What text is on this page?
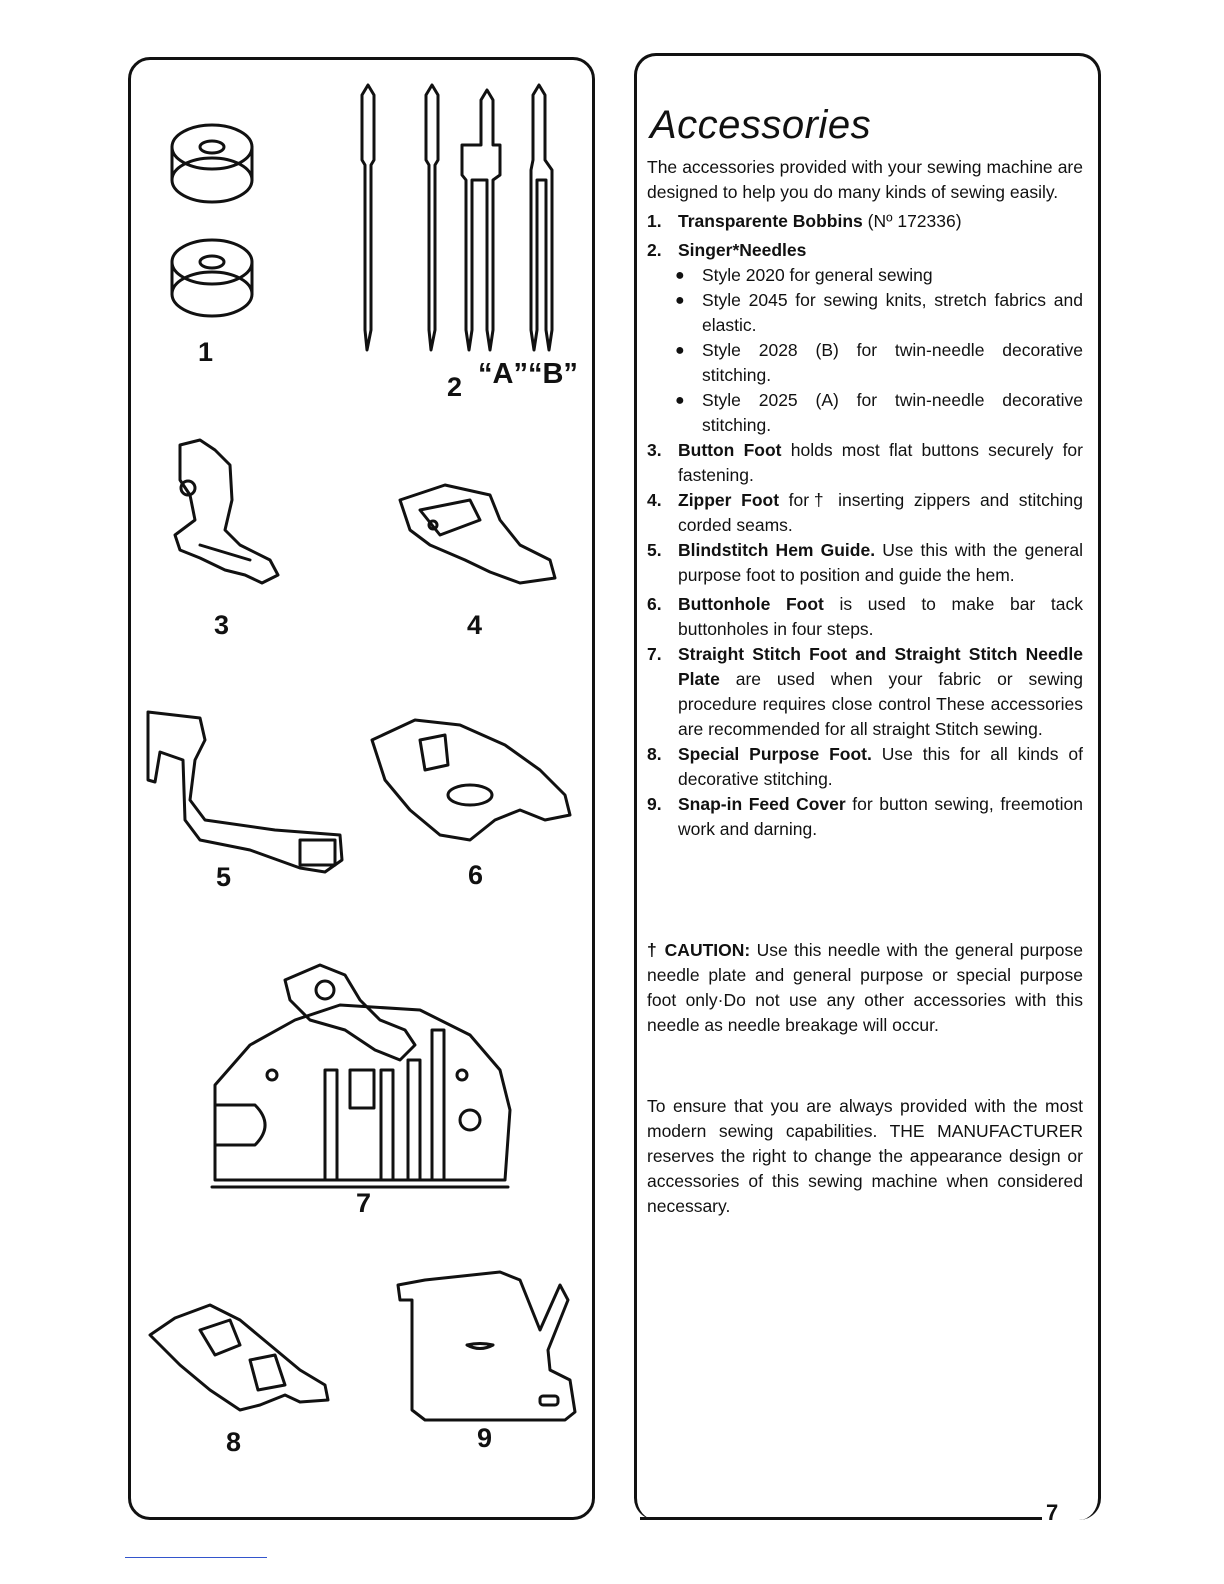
1
2 “A”“B”
3	4
5	6
7
8	9
Accessories

The accessories provided with your sewing machine are designed to help you do many kinds of sewing easily.

1. Transparente Bobbins (Nº 172336)
2. Singer*Needles
● Style 2020 for general sewing
● Style 2045 for sewing knits, stretch fabrics and elastic.
● Style 2028 (B) for twin-needle decorative stitching.
● Style 2025 (A) for twin-needle decorative stitching.
3. Button Foot holds most flat buttons securely for fastening.
4. Zipper Foot for† inserting zippers and stitching corded seams.
5. Blindstitch Hem Guide. Use this with the general purpose foot to position and guide the hem.
6. Buttonhole Foot is used to make bar tack buttonholes in four steps.
7. Straight Stitch Foot and Straight Stitch Needle Plate are used when your fabric or sewing procedure requires close control These accessories are recommended for all straight Stitch sewing.
8. Special Purpose Foot. Use this for all kinds of decorative stitching.
9. Snap-in Feed Cover for button sewing, freemotion work and darning.

† CAUTION: Use this needle with the general purpose needle plate and general purpose or special purpose foot only·Do not use any other accessories with this needle as needle breakage will occur.

To ensure that you are always provided with the most modern sewing capabilities. THE MANUFACTURER reserves the right to change the appearance design or accessories of this sewing machine when considered necessary.

7
